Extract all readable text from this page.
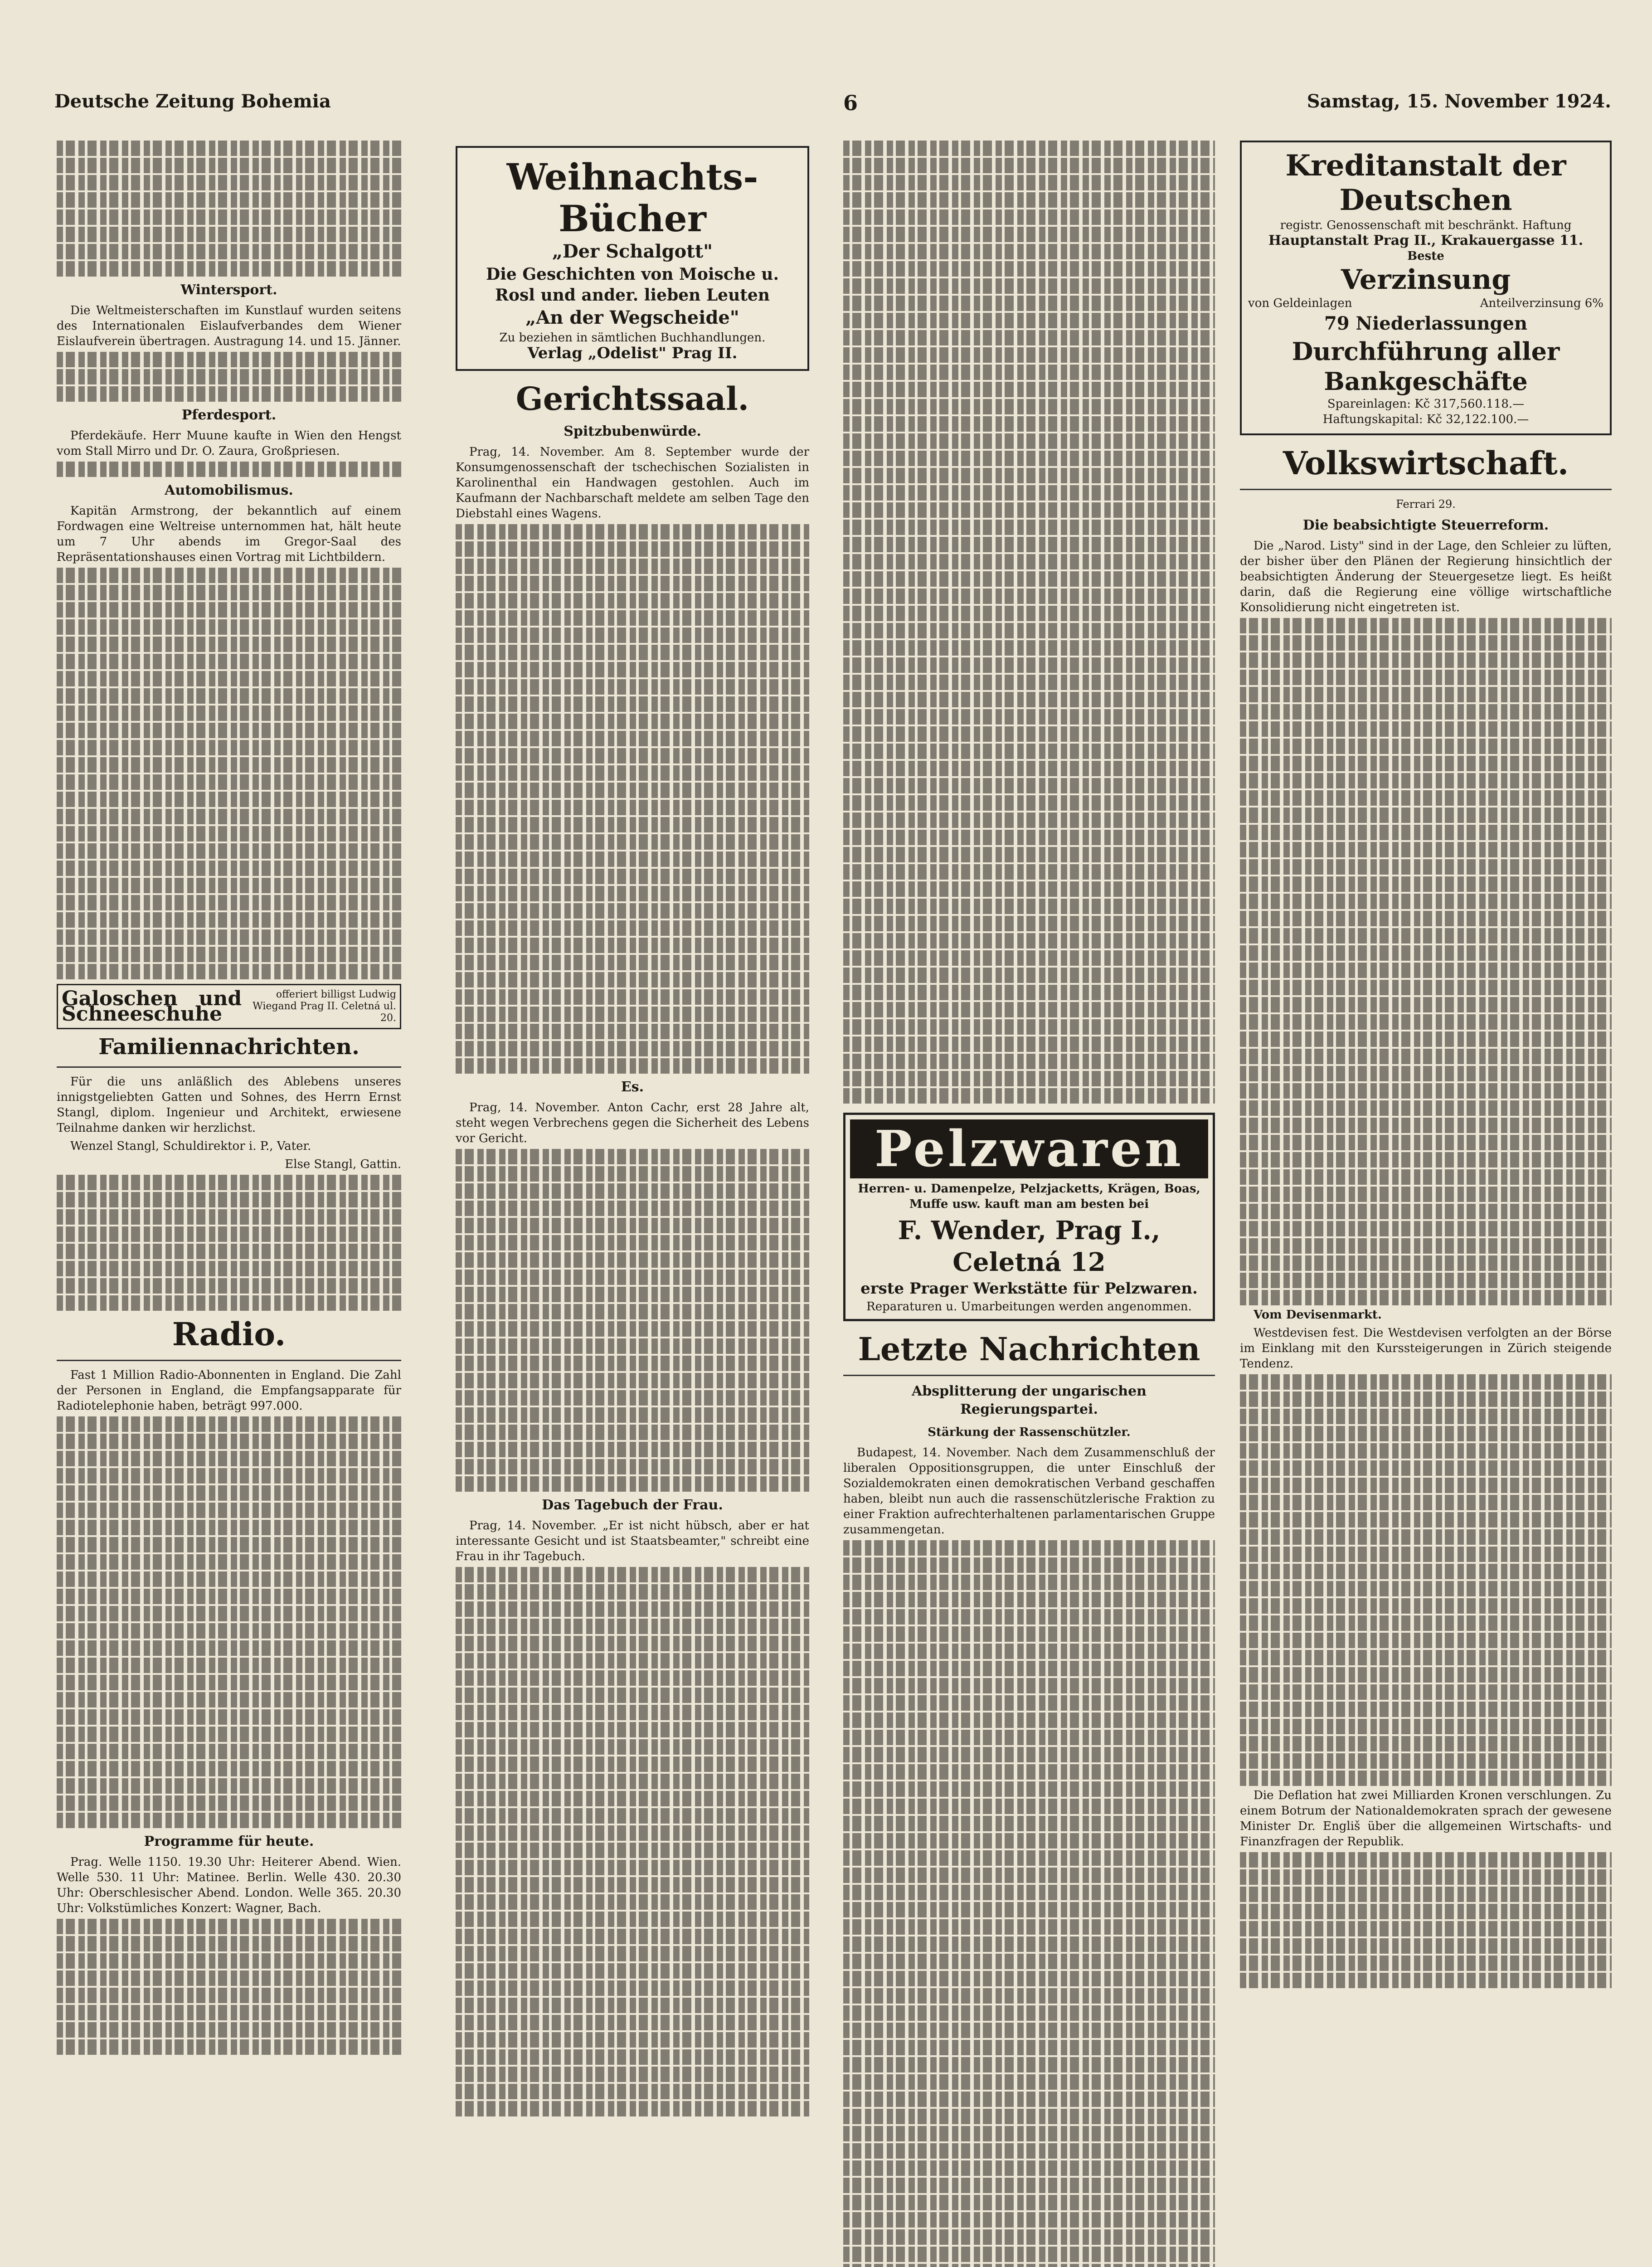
Deutsche Zeitung Bohemia	6	Samstag, 15. November 1924.
Wintersport.

Die Weltmeisterschaften im Kunstlauf wurden seitens des Internationalen Eislaufverbandes dem Wiener Eislaufverein übertragen. Austragung 14. und 15. Jänner.

Pferdesport.

Pferdekäufe. Herr Muune kaufte in Wien den Hengst vom Stall Mirro und Dr. O. Zaura, Großpriesen.

Automobilismus.

Kapitän Armstrong, der bekanntlich auf einem Fordwagen eine Weltreise unternommen hat, hält heute um 7 Uhr abends im Gregor-Saal des Repräsentationshauses einen Vortrag mit Lichtbildern.

Galoschen und Schneeschuhe
offeriert billigst Ludwig Wiegand Prag II. Celetná ul. 20.
Familiennachrichten.

Für die uns anläßlich des Ablebens unseres innigstgeliebten Gatten und Sohnes, des Herrn Ernst Stangl, diplom. Ingenieur und Architekt, erwiesene Teilnahme danken wir herzlichst.

Wenzel Stangl, Schuldirektor i. P., Vater.

Else Stangl, Gattin.

Radio.

Fast 1 Million Radio-Abonnenten in England. Die Zahl der Personen in England, die Empfangsapparate für Radiotelephonie haben, beträgt 997.000.

Programme für heute.

Prag. Welle 1150. 19.30 Uhr: Heiterer Abend. Wien. Welle 530. 11 Uhr: Matinee. Berlin. Welle 430. 20.30 Uhr: Oberschlesischer Abend. London. Welle 365. 20.30 Uhr: Volkstümliches Konzert: Wagner, Bach.

Weihnachts-Bücher
„Der Schalgott"
Die Geschichten von Moische u. Rosl und ander. lieben Leuten
„An der Wegscheide"
Zu beziehen in sämtlichen Buchhandlungen.
Verlag „Odelist" Prag II.
Gerichtssaal.
Spitzbubenwürde.

Prag, 14. November. Am 8. September wurde der Konsumgenossenschaft der tschechischen Sozialisten in Karolinenthal ein Handwagen gestohlen. Auch im Kaufmann der Nachbarschaft meldete am selben Tage den Diebstahl eines Wagens.

Es.

Prag, 14. November. Anton Cachr, erst 28 Jahre alt, steht wegen Verbrechens gegen die Sicherheit des Lebens vor Gericht.

Das Tagebuch der Frau.

Prag, 14. November. „Er ist nicht hübsch, aber er hat interessante Gesicht und ist Staatsbeamter," schreibt eine Frau in ihr Tagebuch.

Pelzwaren
Herren- u. Damenpelze, Pelzjacketts, Krägen, Boas, Muffe usw. kauft man am besten bei
F. Wender, Prag I., Celetná 12
erste Prager Werkstätte für Pelzwaren.
Reparaturen u. Umarbeitungen werden angenommen.
Letzte Nachrichten
Absplitterung der ungarischen Regierungspartei.
Stärkung der Rassenschützler.

Budapest, 14. November. Nach dem Zusammenschluß der liberalen Oppositionsgruppen, die unter Einschluß der Sozialdemokraten einen demokratischen Verband geschaffen haben, bleibt nun auch die rassenschützlerische Fraktion zu einer Fraktion aufrechterhaltenen parlamentarischen Gruppe zusammengetan.

Kreditanstalt der Deutschen
registr. Genossenschaft mit beschränkt. Haftung
Hauptanstalt Prag II., Krakauergasse 11.
Beste
Verzinsung
von Geldeinlagen	Anteilverzinsung 6%
79 Niederlassungen
Durchführung aller Bankgeschäfte
Spareinlagen: Kč 317,560.118.—
Haftungskapital: Kč 32,122.100.—
Volkswirtschaft.
Ferrari 29.
Die beabsichtigte Steuerreform.

Die „Narod. Listy" sind in der Lage, den Schleier zu lüften, der bisher über den Plänen der Regierung hinsichtlich der beabsichtigten Änderung der Steuergesetze liegt. Es heißt darin, daß die Regierung eine völlige wirtschaftliche Konsolidierung nicht eingetreten ist.

Vom Devisenmarkt.

Westdevisen fest. Die Westdevisen verfolgten an der Börse im Einklang mit den Kurssteigerungen in Zürich steigende Tendenz.

Die Deflation hat zwei Milliarden Kronen verschlungen. Zu einem Botrum der Nationaldemokraten sprach der gewesene Minister Dr. Engliš über die allgemeinen Wirtschafts- und Finanzfragen der Republik.
